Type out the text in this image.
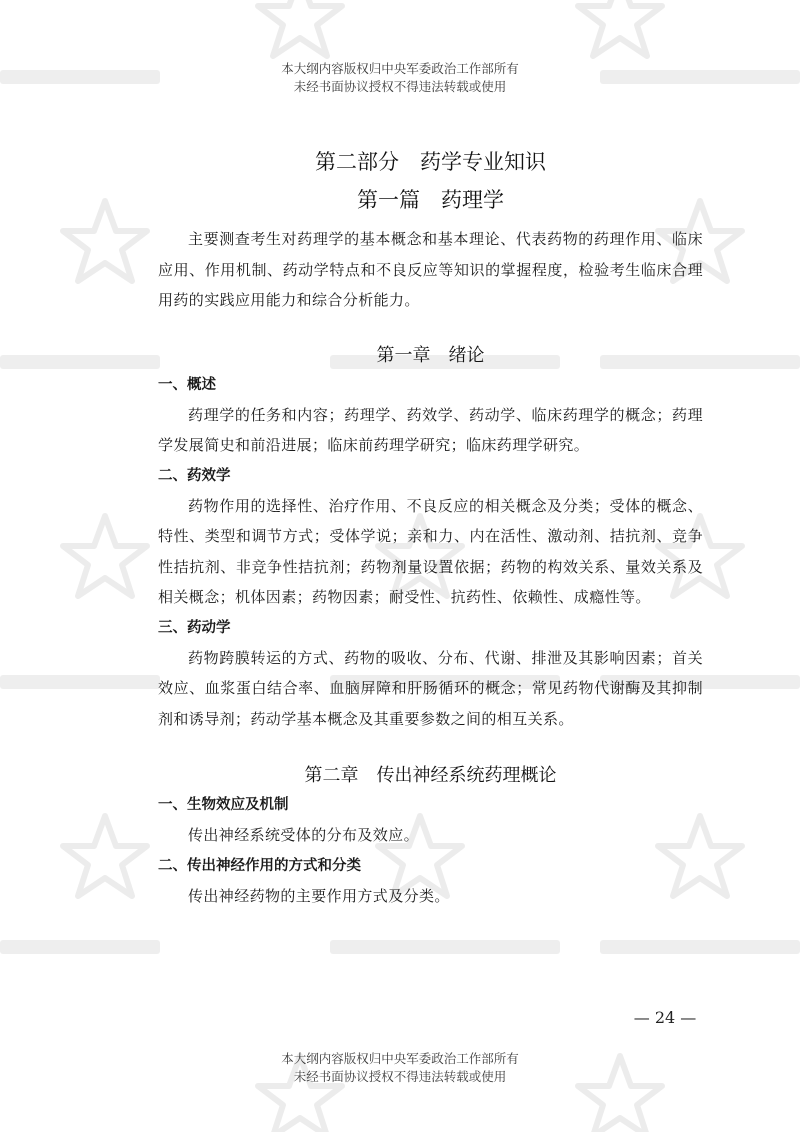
本大纲内容版权归中央军委政治工作部所有
未经书面协议授权不得违法转载或使用
第二部分　药学专业知识
第一篇　药理学

主要测查考生对药理学的基本概念和基本理论、代表药物的药理作用、临床应用、作用机制、药动学特点和不良反应等知识的掌握程度，检验考生临床合理用药的实践应用能力和综合分析能力。

第一章　绪论

一、概述

药理学的任务和内容；药理学、药效学、药动学、临床药理学的概念；药理学发展简史和前沿进展；临床前药理学研究；临床药理学研究。

二、药效学

药物作用的选择性、治疗作用、不良反应的相关概念及分类；受体的概念、特性、类型和调节方式；受体学说；亲和力、内在活性、激动剂、拮抗剂、竞争性拮抗剂、非竞争性拮抗剂；药物剂量设置依据；药物的构效关系、量效关系及相关概念；机体因素；药物因素；耐受性、抗药性、依赖性、成瘾性等。

三、药动学

药物跨膜转运的方式、药物的吸收、分布、代谢、排泄及其影响因素；首关效应、血浆蛋白结合率、血脑屏障和肝肠循环的概念；常见药物代谢酶及其抑制剂和诱导剂；药动学基本概念及其重要参数之间的相互关系。

第二章　传出神经系统药理概论

一、生物效应及机制

传出神经系统受体的分布及效应。

二、传出神经作用的方式和分类

传出神经药物的主要作用方式及分类。

— 24 —
本大纲内容版权归中央军委政治工作部所有
未经书面协议授权不得违法转载或使用
